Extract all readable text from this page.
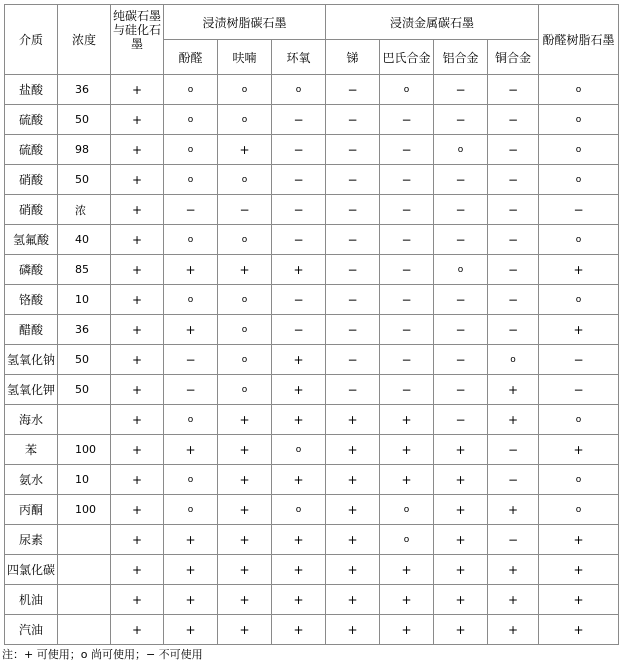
介质	浓度	纯碳石墨与硅化石墨	浸渍树脂碳石墨			浸渍金属碳石墨				酚醛树脂石墨
			酚醛	呋喃	环氧	锑	巴氏合金	铝合金	铜合金	
盐酸	36	+	o	o	o	−	o	−	−	o
硫酸	50	+	o	o	−	−	−	−	−	o
硫酸	98	+	o	+	−	−	−	o	−	o
硝酸	50	+	o	o	−	−	−	−	−	o
硝酸	浓	+	−	−	−	−	−	−	−	−
氢氟酸	40	+	o	o	−	−	−	−	−	o
磷酸	85	+	+	+	+	−	−	o	−	+
铬酸	10	+	o	o	−	−	−	−	−	o
醋酸	36	+	+	o	−	−	−	−	−	+
氢氧化钠	50	+	−	o	+	−	−	−	o	−
氢氧化钾	50	+	−	o	+	−	−	−	+	−
海水		+	o	+	+	+	+	−	+	o
苯	100	+	+	+	o	+	+	+	−	+
氨水	10	+	o	+	+	+	+	+	−	o
丙酮	100	+	o	+	o	+	o	+	+	o
尿素		+	+	+	+	+	o	+	−	+
四氯化碳		+	+	+	+	+	+	+	+	+
机油		+	+	+	+	+	+	+	+	+
汽油		+	+	+	+	+	+	+	+	+
注：+ 可使用；o 尚可使用；− 不可使用
